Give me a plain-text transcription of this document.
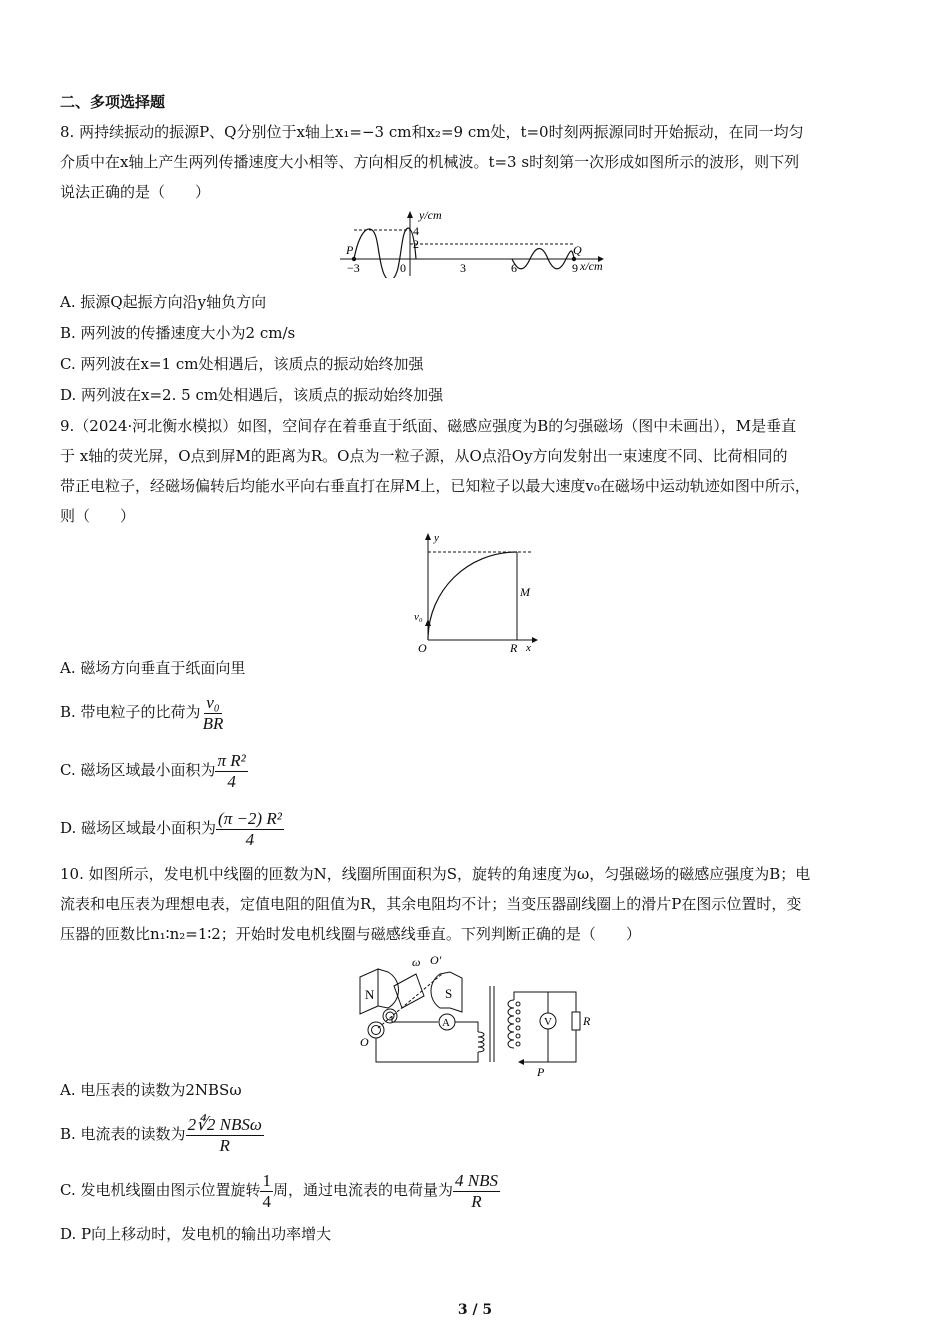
二、多项选择题
8. 两持续振动的振源P、Q分别位于x轴上x₁=−3 cm和x₂=9 cm处，t=0时刻两振源同时开始振动，在同一均匀
介质中在x轴上产生两列传播速度大小相等、方向相反的机械波。t=3 s时刻第一次形成如图所示的波形，则下列
说法正确的是（　　）
y/cm
4
2
P	Q
−3	0	3	6	9 x/cm
A. 振源Q起振方向沿y轴负方向
B. 两列波的传播速度大小为2 cm/s
C. 两列波在x=1 cm处相遇后，该质点的振动始终加强
D. 两列波在x=2. 5 cm处相遇后，该质点的振动始终加强
9.（2024·河北衡水模拟）如图，空间存在着垂直于纸面、磁感应强度为B的匀强磁场（图中未画出），M是垂直
于 x轴的荧光屏，O点到屏M的距离为R。O点为一粒子源，从O点沿Oy方向发射出一束速度不同、比荷相同的
带正电粒子，经磁场偏转后均能水平向右垂直打在屏M上，已知粒子以最大速度v₀在磁场中运动轨迹如图中所示，
则（　　）
y
x
O	R
M
v₀
A. 磁场方向垂直于纸面向里
B. 带电粒子的比荷为 $\frac{\text{v₀}}{BR}$
C. 磁场区域最小面积为 $\frac{\text{π R²}}{4}$
D. 磁场区域最小面积为 $\frac{\text{(π −2) R²}}{4}$
10. 如图所示，发电机中线圈的匝数为N，线圈所围面积为S，旋转的角速度为ω，匀强磁场的磁感应强度为B；电
流表和电压表为理想电表，定值电阻的阻值为R，其余电阻均不计；当变压器副线圈上的滑片P在图示位置时，变
压器的匝数比n₁∶n₂=1∶2；开始时发电机线圈与磁感线垂直。下列判断正确的是（　　）
N	S
ω O′
O
A	V	R
P
A. 电压表的读数为2NBSω
B. 电流表的读数为 $\frac{\text{2∜2 NBSω}}{R}$
C. 发电机线圈由图示位置旋转 $\frac{1}{4}$ 周，通过电流表的电荷量为 $\frac{\text{4 NBS}}{R}$
D. P向上移动时，发电机的输出功率增大
3 / 5
